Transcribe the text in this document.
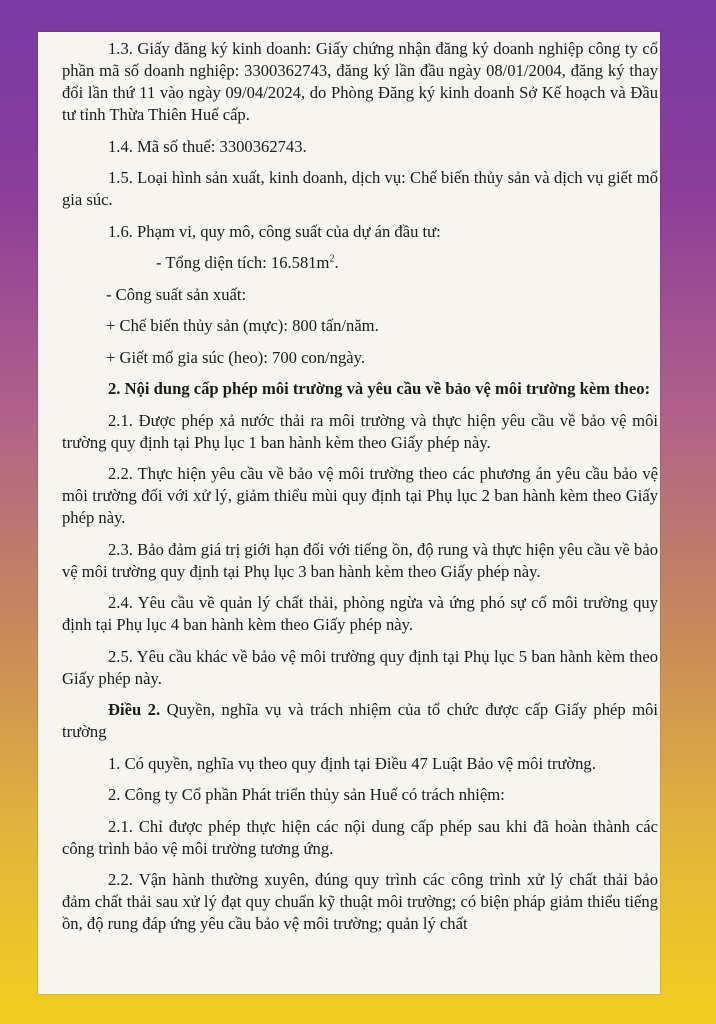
1.3. Giấy đăng ký kinh doanh: Giấy chứng nhận đăng ký doanh nghiệp công ty cổ phần mã số doanh nghiệp: 3300362743, đăng ký lần đầu ngày 08/01/2004, đăng ký thay đổi lần thứ 11 vào ngày 09/04/2024, do Phòng Đăng ký kinh doanh Sở Kế hoạch và Đầu tư tỉnh Thừa Thiên Huế cấp.

1.4. Mã số thuế: 3300362743.

1.5. Loại hình sản xuất, kinh doanh, dịch vụ: Chế biến thủy sản và dịch vụ giết mổ gia súc.

1.6. Phạm vi, quy mô, công suất của dự án đầu tư:

- Tổng diện tích: $16.581m^2$.

- Công suất sản xuất:

+ Chế biến thủy sản (mực): 800 tấn/năm.

+ Giết mổ gia súc (heo): 700 con/ngày.

2. Nội dung cấp phép môi trường và yêu cầu về bảo vệ môi trường kèm theo:

2.1. Được phép xả nước thải ra môi trường và thực hiện yêu cầu về bảo vệ môi trường quy định tại Phụ lục 1 ban hành kèm theo Giấy phép này.

2.2. Thực hiện yêu cầu về bảo vệ môi trường theo các phương án yêu cầu bảo vệ môi trường đối với xử lý, giảm thiểu mùi quy định tại Phụ lục 2 ban hành kèm theo Giấy phép này.

2.3. Bảo đảm giá trị giới hạn đối với tiếng ồn, độ rung và thực hiện yêu cầu về bảo vệ môi trường quy định tại Phụ lục 3 ban hành kèm theo Giấy phép này.

2.4. Yêu cầu về quản lý chất thải, phòng ngừa và ứng phó sự cố môi trường quy định tại Phụ lục 4 ban hành kèm theo Giấy phép này.

2.5. Yêu cầu khác về bảo vệ môi trường quy định tại Phụ lục 5 ban hành kèm theo Giấy phép này.

Điều 2. Quyền, nghĩa vụ và trách nhiệm của tổ chức được cấp Giấy phép môi trường

1. Có quyền, nghĩa vụ theo quy định tại Điều 47 Luật Bảo vệ môi trường.

2. Công ty Cổ phần Phát triển thủy sản Huế có trách nhiệm:

2.1. Chỉ được phép thực hiện các nội dung cấp phép sau khi đã hoàn thành các công trình bảo vệ môi trường tương ứng.

2.2. Vận hành thường xuyên, đúng quy trình các công trình xử lý chất thải bảo đảm chất thải sau xử lý đạt quy chuẩn kỹ thuật môi trường; có biện pháp giảm thiểu tiếng ồn, độ rung đáp ứng yêu cầu bảo vệ môi trường; quản lý chất
